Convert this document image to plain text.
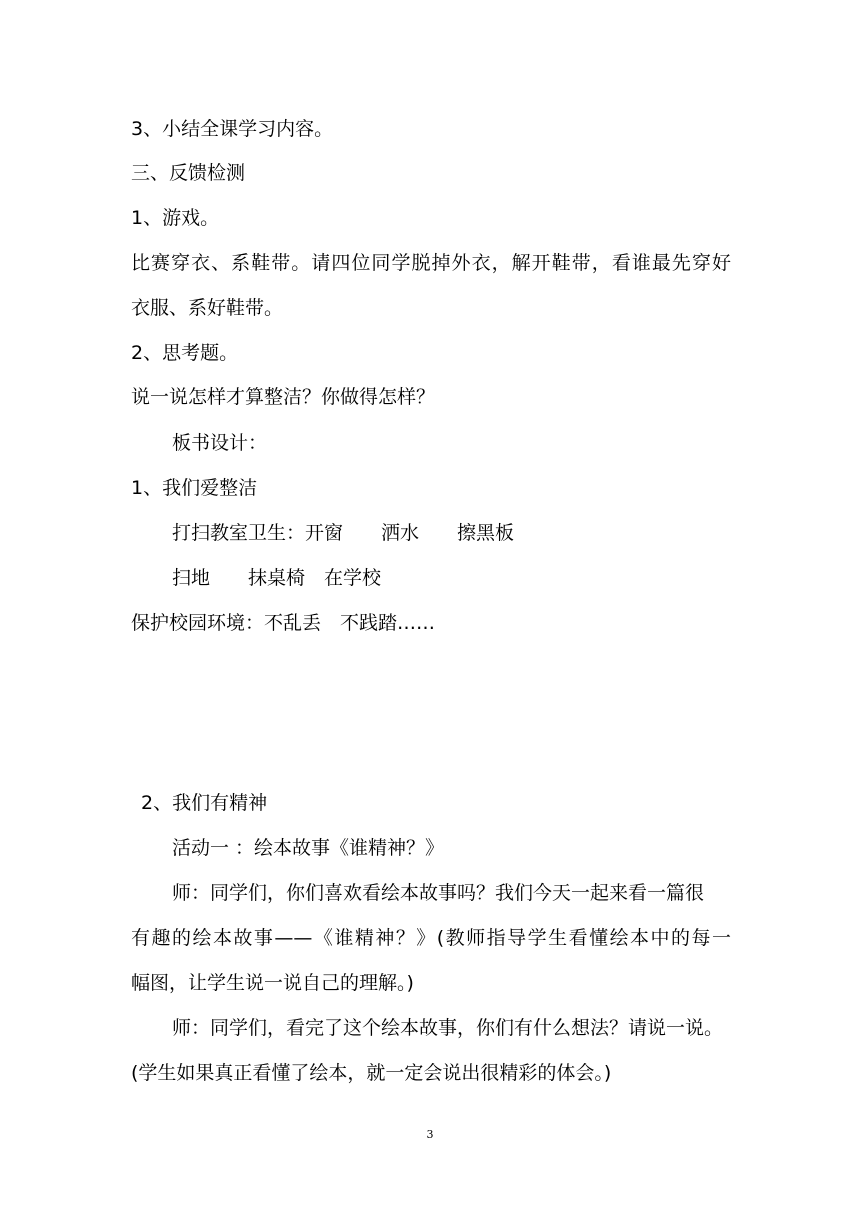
3、小结全课学习内容。
三、反馈检测
1、游戏。
比赛穿衣、系鞋带。请四位同学脱掉外衣，解开鞋带，看谁最先穿好
衣服、系好鞋带。
2、思考题。
说一说怎样才算整洁？你做得怎样？
板书设计：
1、我们爱整洁
打扫教室卫生：开窗　　洒水　　擦黑板
扫地　　抹桌椅　在学校
保护校园环境：不乱丢　不践踏……
2、我们有精神
活动一 ：绘本故事《谁精神？》
师：同学们，你们喜欢看绘本故事吗？我们今天一起来看一篇很
有趣的绘本故事——《谁精神？》(教师指导学生看懂绘本中的每一
幅图，让学生说一说自己的理解。)
师：同学们，看完了这个绘本故事，你们有什么想法？请说一说。
(学生如果真正看懂了绘本，就一定会说出很精彩的体会。)
3
